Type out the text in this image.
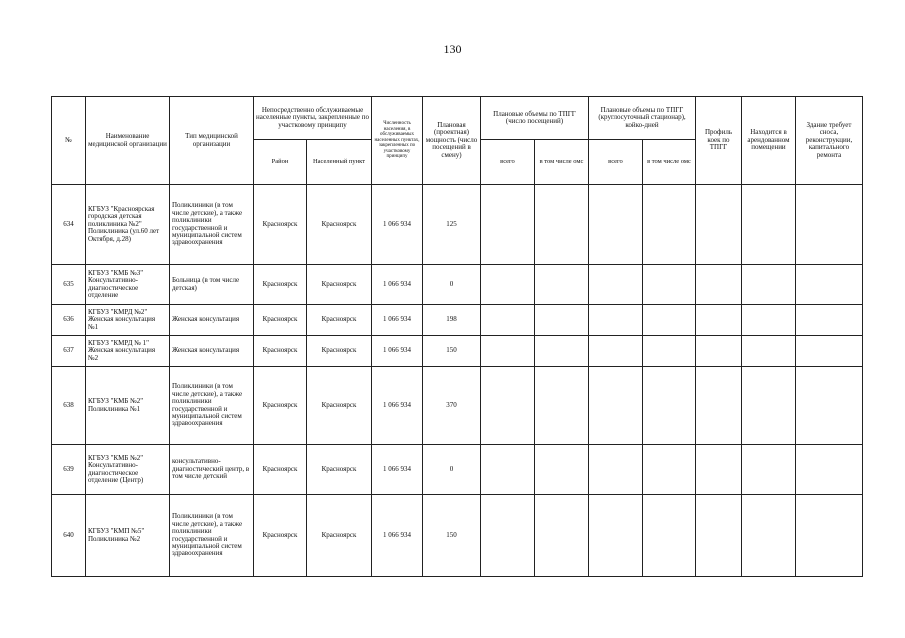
130
№	Наименование медицинской организации	Тип медицинской организации	Непосредственно обслуживаемые населенные пункты, закрепленные по участковому принципу		Численность населения, в обслуживаемых населенных пунктах, закрепленных по участковому принципу	Плановая (проектная) мощность (число посещений в смену)	Плановые объемы по ТПГГ (число посещений)		Плановые объемы по ТПГГ (круглосуточный стационар), койко-дней		Профиль коек по ТПГГ	Находится в арендованном помещении	Здание требует сноса, реконструкции, капитального ремонта
			Район	Населенный пункт			всего	в том числе омс	всего	в том числе омс			
634	КГБУЗ "Красноярская городская детская поликлиника №2" Поликлиника (ул.60 лет Октября, д.28)	Поликлиники (в том числе детские), а также поликлиники государственной и муниципальной систем здравоохранения	Красноярск	Красноярск	1 066 934	125							
635	КГБУЗ "КМБ №3" Консультативно-диагностическое отделение	Больница (в том числе детская)	Красноярск	Красноярск	1 066 934	0							
636	КГБУЗ "КМРД №2" Женская консультация №1	Женская консультация	Красноярск	Красноярск	1 066 934	198							
637	КГБУЗ "КМРД № 1" Женская консультация №2	Женская консультация	Красноярск	Красноярск	1 066 934	150							
638	КГБУЗ "КМБ №2" Поликлиника №1	Поликлиники (в том числе детские), а также поликлиники государственной и муниципальной систем здравоохранения	Красноярск	Красноярск	1 066 934	370							
639	КГБУЗ "КМБ №2" Консультативно-диагностическое отделение (Центр)	консультативно-диагностический центр, в том числе детский	Красноярск	Красноярск	1 066 934	0							
640	КГБУЗ "КМП №5" Поликлиника №2	Поликлиники (в том числе детские), а также поликлиники государственной и муниципальной систем здравоохранения	Красноярск	Красноярск	1 066 934	150							
